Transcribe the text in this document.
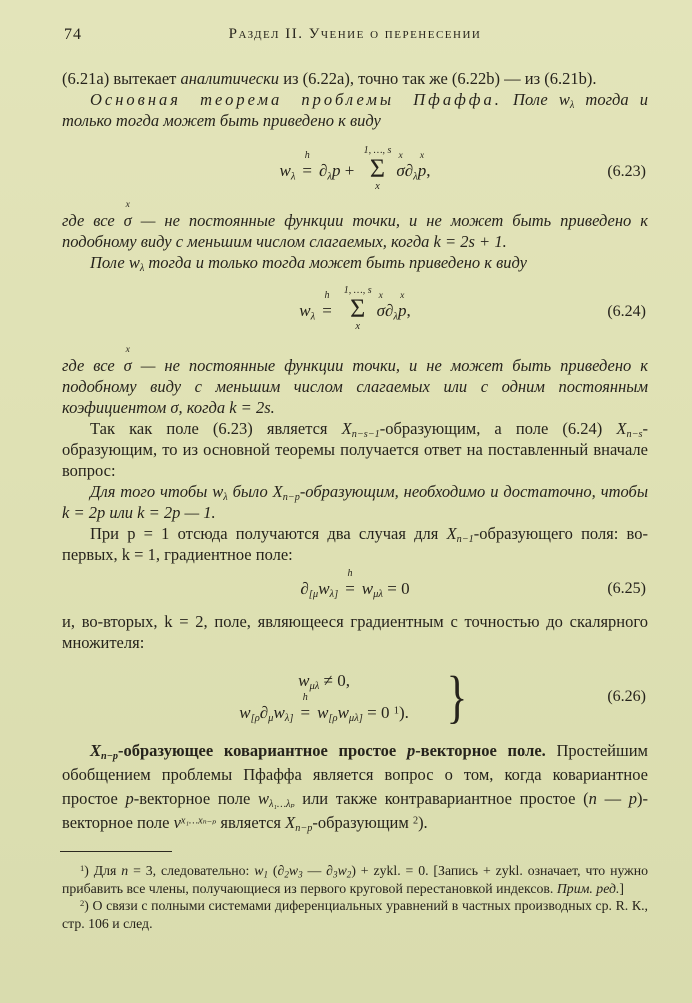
74	Раздел II. Учение о перенесении

(6.21a) вытекает аналитически из (6.22a), точно так же (6.22b) — из (6.21b).

Основная теорема проблемы Пфаффа. Поле $w_\lambda$ тогда и только тогда может быть приведено к виду

$w_\lambda$
h
= $\partial_\lambda p$ +
1, …, s
Σ
x
x
$\sigma\partial_\lambda$
x
p,	(6.23)

где все
x
σ — не постоянные функции точки, и не может быть приведено к подобному виду с меньшим числом слагаемых, когда k = 2s + 1.

Поле $w_\lambda$ тогда и только тогда может быть приведено к виду

$w_\lambda$
h
=
1, …, s
Σ
x
x
$\sigma\partial_\lambda$
x
p,	(6.24)

где все
x
σ — не постоянные функции точки, и не может быть приведено к подобному виду с меньшим числом слагаемых или с одним постоянным коэфициентом σ, когда k = 2s.

Так как поле (6.23) является $X_{n-s-1}$-образующим, а поле (6.24) $X_{n-s}$-образующим, то из основной теоремы получается ответ на поставленный вначале вопрос:

Для того чтобы $w_\lambda$ было $X_{n-p}$-образующим, необходимо и достаточно, чтобы k = 2p или k = 2p — 1.

При p = 1 отсюда получаются два случая для $X_{n-1}$-образующего поля: во-первых, k = 1, градиентное поле:

$\partial_{[\mu}w_{\lambda]}$
h
= $w_{\mu\lambda} = 0$	(6.25)

и, во-вторых, k = 2, поле, являющееся градиентным с точностью до скалярного множителя:

$w_{\mu\lambda} \ne 0$,
$w_{[\rho}\partial_\mu w_{\lambda]}$
h
= $w_{[\rho}w_{\mu\lambda]} = 0$ $^1$). }	(6.26)

$X_{n-p}$-образующее ковариантное простое p-векторное поле. Простейшим обобщением проблемы Пфаффа является вопрос о том, когда ковариантное простое p-векторное поле $w_{\lambda_1\dots\lambda_p}$ или также контравариантное простое (n — p)-векторное поле $v^{x_1\dots x_{n-p}}$ является $X_{n-p}$-образующим $^2$).

$^1$) Для n = 3, следовательно: $w_1$ ($\partial_2w_3$ — $\partial_3w_2$) + zykl. = 0. [Запись + zykl. означает, что нужно прибавить все члены, получающиеся из первого круговой перестановкой индексов. Прим. ред.]

$^2$) О связи с полными системами диференциальных уравнений в частных производных ср. R. К., стр. 106 и след.
